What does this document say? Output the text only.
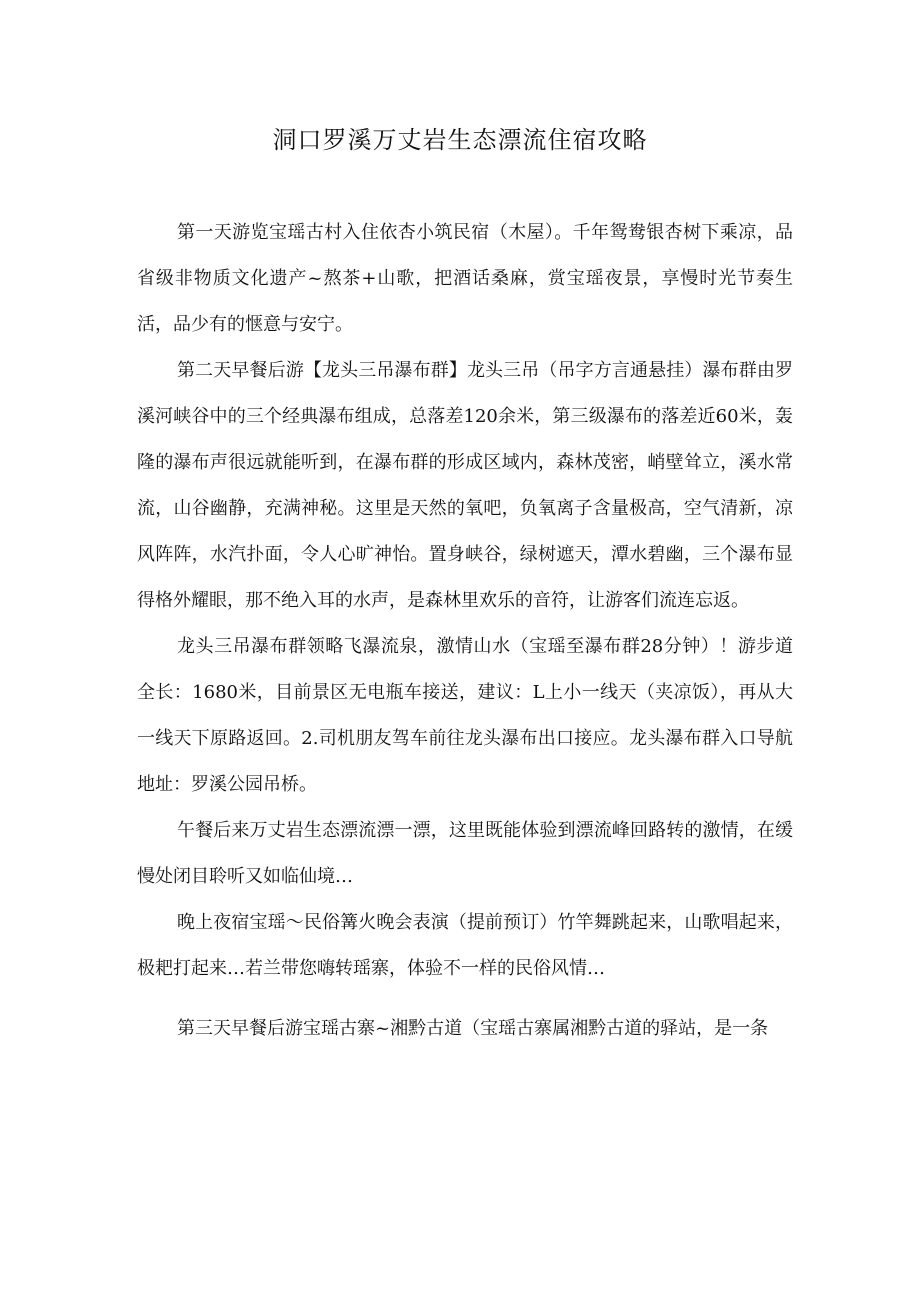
洞口罗溪万丈岩生态漂流住宿攻略

第一天游览宝瑶古村入住依杏小筑民宿（木屋）。千年鸳鸯银杏树下乘凉，品省级非物质文化遗产~熬茶+山歌，把酒话桑麻，赏宝瑶夜景，享慢时光节奏生活，品少有的惬意与安宁。

第二天早餐后游【龙头三吊瀑布群】龙头三吊（吊字方言通悬挂）瀑布群由罗溪河峡谷中的三个经典瀑布组成，总落差120余米，第三级瀑布的落差近60米，轰隆的瀑布声很远就能听到，在瀑布群的形成区域内，森林茂密，峭壁耸立，溪水常流，山谷幽静，充满神秘。这里是天然的氧吧，负氧离子含量极高，空气清新，凉风阵阵，水汽扑面，令人心旷神怡。置身峡谷，绿树遮天，潭水碧幽，三个瀑布显得格外耀眼，那不绝入耳的水声，是森林里欢乐的音符，让游客们流连忘返。

龙头三吊瀑布群领略飞瀑流泉，激情山水（宝瑶至瀑布群28分钟）！游步道全长：1680米，目前景区无电瓶车接送，建议：L上小一线天（夹凉饭），再从大一线天下原路返回。2.司机朋友驾车前往龙头瀑布出口接应。龙头瀑布群入口导航地址：罗溪公园吊桥。

午餐后来万丈岩生态漂流漂一漂，这里既能体验到漂流峰回路转的激情，在缓慢处闭目聆听又如临仙境…

晚上夜宿宝瑶～民俗篝火晚会表演（提前预订）竹竿舞跳起来，山歌唱起来，极耙打起来…若兰带您嗨转瑶寨，体验不一样的民俗风情…

第三天早餐后游宝瑶古寨~湘黔古道（宝瑶古寨属湘黔古道的驿站，是一条
